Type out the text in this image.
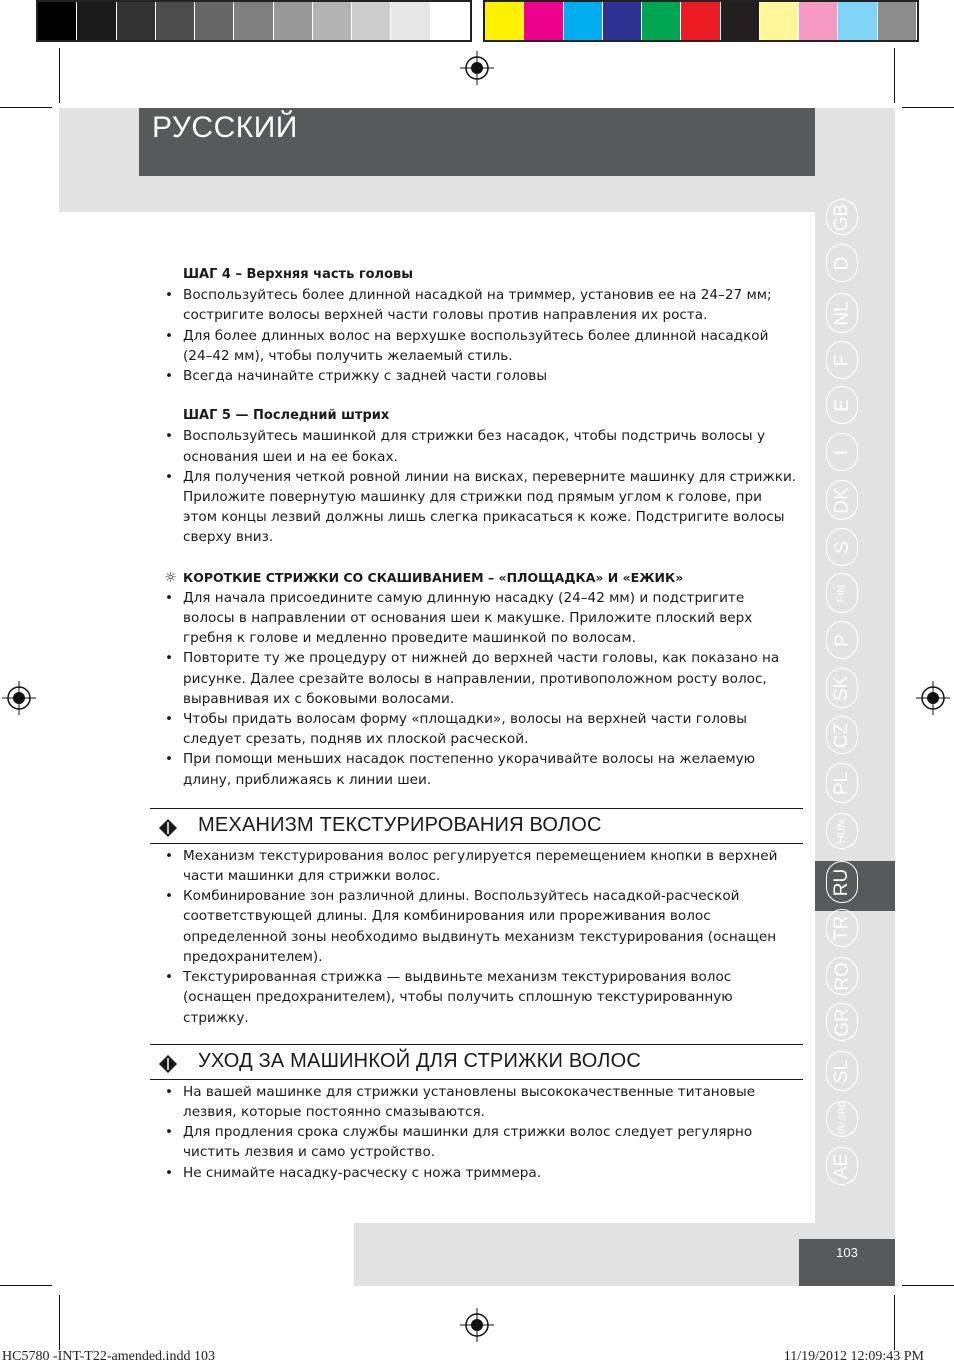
РУССКИЙ
GB
D
NL
F
E
I
DK
S
FIN
P
SK
CZ
PL
HUN
RU
TR
RO
GR
SL
HR/ SRB
AE
103

ШАГ 4 – Верхняя часть головы

• Воспользуйтесь более длинной насадкой на триммер, установив ее на 24–27 мм; состригите волосы верхней части головы против направления их роста.
• Для более длинных волос на верхушке воспользуйтесь более длинной насадкой (24–42 мм), чтобы получить желаемый стиль.
• Всегда начинайте стрижку с задней части головы

ШАГ 5 — Последний штрих

• Воспользуйтесь машинкой для стрижки без насадок, чтобы подстричь волосы у основания шеи и на ее боках.
• Для получения четкой ровной линии на висках, переверните машинку для стрижки. Приложите повернутую машинку для стрижки под прямым углом к голове, при этом концы лезвий должны лишь слегка прикасаться к коже. Подстригите волосы сверху вниз.

☼ КОРОТКИЕ СТРИЖКИ СО СКАШИВАНИЕМ – «ПЛОЩАДКА» И «ЕЖИК»

• Для начала присоедините самую длинную насадку (24–42 мм) и подстригите волосы в направлении от основания шеи к макушке. Приложите плоский верх гребня к голове и медленно проведите машинкой по волосам.
• Повторите ту же процедуру от нижней до верхней части головы, как показано на рисунке. Далее срезайте волосы в направлении, противоположном росту волос, выравнивая их с боковыми волосами.
• Чтобы придать волосам форму «площадки», волосы на верхней части головы следует срезать, подняв их плоской расческой.
• При помощи меньших насадок постепенно укорачивайте волосы на желаемую длину, приближаясь к линии шеи.
МЕХАНИЗМ ТЕКСТУРИРОВАНИЯ ВОЛОС
• Механизм текстурирования волос регулируется перемещением кнопки в верхней части машинки для стрижки волос.
• Комбинирование зон различной длины. Воспользуйтесь насадкой-расческой соответствующей длины. Для комбинирования или прореживания волос определенной зоны необходимо выдвинуть механизм текстурирования (оснащен предохранителем).
• Текстурированная стрижка — выдвиньте механизм текстурирования волос (оснащен предохранителем), чтобы получить сплошную текстурированную стрижку.
УХОД ЗА МАШИНКОЙ ДЛЯ СТРИЖКИ ВОЛОС
• На вашей машинке для стрижки установлены высококачественные титановые лезвия, которые постоянно смазываются.
• Для продления срока службы машинки для стрижки волос следует регулярно чистить лезвия и само устройство.
• Не снимайте насадку-расческу с ножа триммера.
HC5780 -INT-T22-amended.indd 103	11/19/2012 12:09:43 PM
